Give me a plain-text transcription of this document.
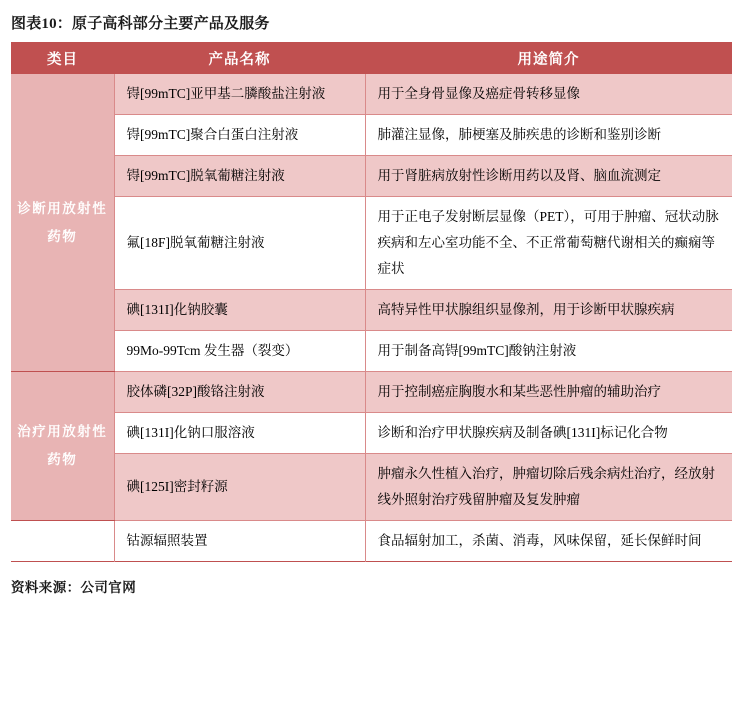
图表10：原子高科部分主要产品及服务
类目	产品名称	用途简介
诊断用放射性药物	锝[99mTC]亚甲基二膦酸盐注射液	用于全身骨显像及癌症骨转移显像
	锝[99mTC]聚合白蛋白注射液	肺灌注显像，肺梗塞及肺疾患的诊断和鉴别诊断
	锝[99mTC]脱氧葡糖注射液	用于肾脏病放射性诊断用药以及肾、脑血流测定
	氟[18F]脱氧葡糖注射液	用于正电子发射断层显像（PET），可用于肿瘤、冠状动脉疾病和左心室功能不全、不正常葡萄糖代谢相关的癫痫等症状
	碘[131I]化钠胶囊	高特异性甲状腺组织显像剂，用于诊断甲状腺疾病
	99Mo-99Tcm 发生器（裂变）	用于制备高锝[99mTC]酸钠注射液
治疗用放射性药物	胶体磷[32P]酸铬注射液	用于控制癌症胸腹水和某些恶性肿瘤的辅助治疗
	碘[131I]化钠口服溶液	诊断和治疗甲状腺疾病及制备碘[131I]标记化合物
	碘[125I]密封籽源	肿瘤永久性植入治疗，肿瘤切除后残余病灶治疗，经放射线外照射治疗残留肿瘤及复发肿瘤
	钴源辐照装置	食品辐射加工，杀菌、消毒，风味保留，延长保鲜时间
资料来源：公司官网
